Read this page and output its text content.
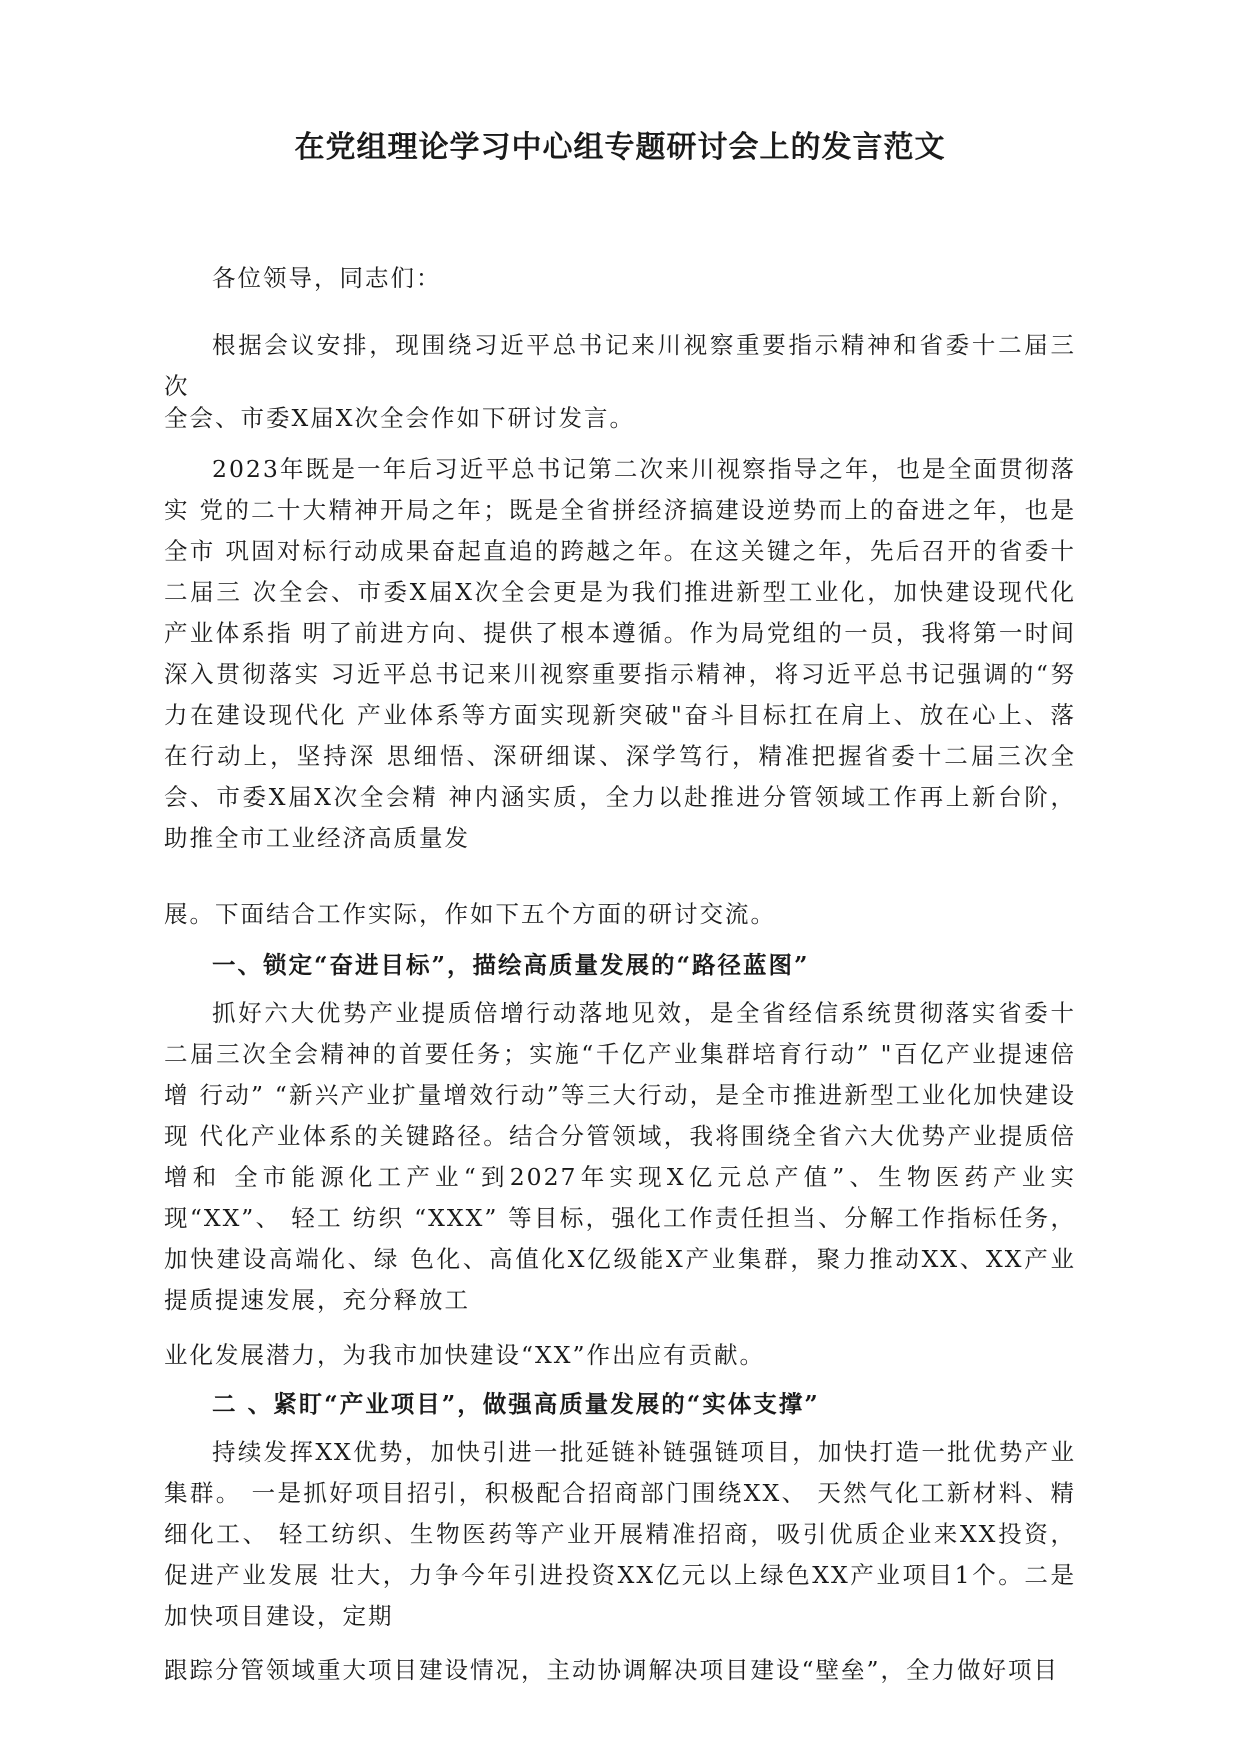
在党组理论学习中心组专题研讨会上的发言范文

各位领导，同志们：

根据会议安排，现围绕习近平总书记来川视察重要指示精神和省委十二届三次

全会、市委X届X次全会作如下研讨发言。

2023年既是一年后习近平总书记第二次来川视察指导之年，也是全面贯彻落实 党的二十大精神开局之年；既是全省拼经济搞建设逆势而上的奋进之年，也是全市 巩固对标行动成果奋起直追的跨越之年。在这关键之年，先后召开的省委十二届三 次全会、市委X届X次全会更是为我们推进新型工业化，加快建设现代化产业体系指 明了前进方向、提供了根本遵循。作为局党组的一员，我将第一时间深入贯彻落实 习近平总书记来川视察重要指示精神，将习近平总书记强调的“努力在建设现代化 产业体系等方面实现新突破"奋斗目标扛在肩上、放在心上、落在行动上，坚持深 思细悟、深研细谋、深学笃行，精准把握省委十二届三次全会、市委X届X次全会精 神内涵实质，全力以赴推进分管领域工作再上新台阶，助推全市工业经济高质量发

展。下面结合工作实际，作如下五个方面的研讨交流。

一、锁定“奋进目标”，描绘高质量发展的“路径蓝图”

抓好六大优势产业提质倍增行动落地见效，是全省经信系统贯彻落实省委十二届三次全会精神的首要任务；实施“千亿产业集群培育行动” "百亿产业提速倍增 行动” “新兴产业扩量增效行动”等三大行动，是全市推进新型工业化加快建设现 代化产业体系的关键路径。结合分管领域，我将围绕全省六大优势产业提质倍增和 全市能源化工产业“到2027年实现X亿元总产值”、生物医药产业实现“XX”、 轻工 纺织 “XXX” 等目标，强化工作责任担当、分解工作指标任务，加快建设高端化、绿 色化、高值化X亿级能X产业集群，聚力推动XX、XX产业提质提速发展，充分释放工

业化发展潜力，为我市加快建设“XX”作出应有贡献。

二 、紧盯“产业项目”，做强高质量发展的“实体支撑”

持续发挥XX优势，加快引进一批延链补链强链项目，加快打造一批优势产业集群。 一是抓好项目招引，积极配合招商部门围绕XX、 天然气化工新材料、精细化工、 轻工纺织、生物医药等产业开展精准招商，吸引优质企业来XX投资，促进产业发展 壮大，力争今年引进投资XX亿元以上绿色XX产业项目1个。二是加快项目建设，定期

跟踪分管领域重大项目建设情况，主动协调解决项目建设“壁垒”，全力做好项目
